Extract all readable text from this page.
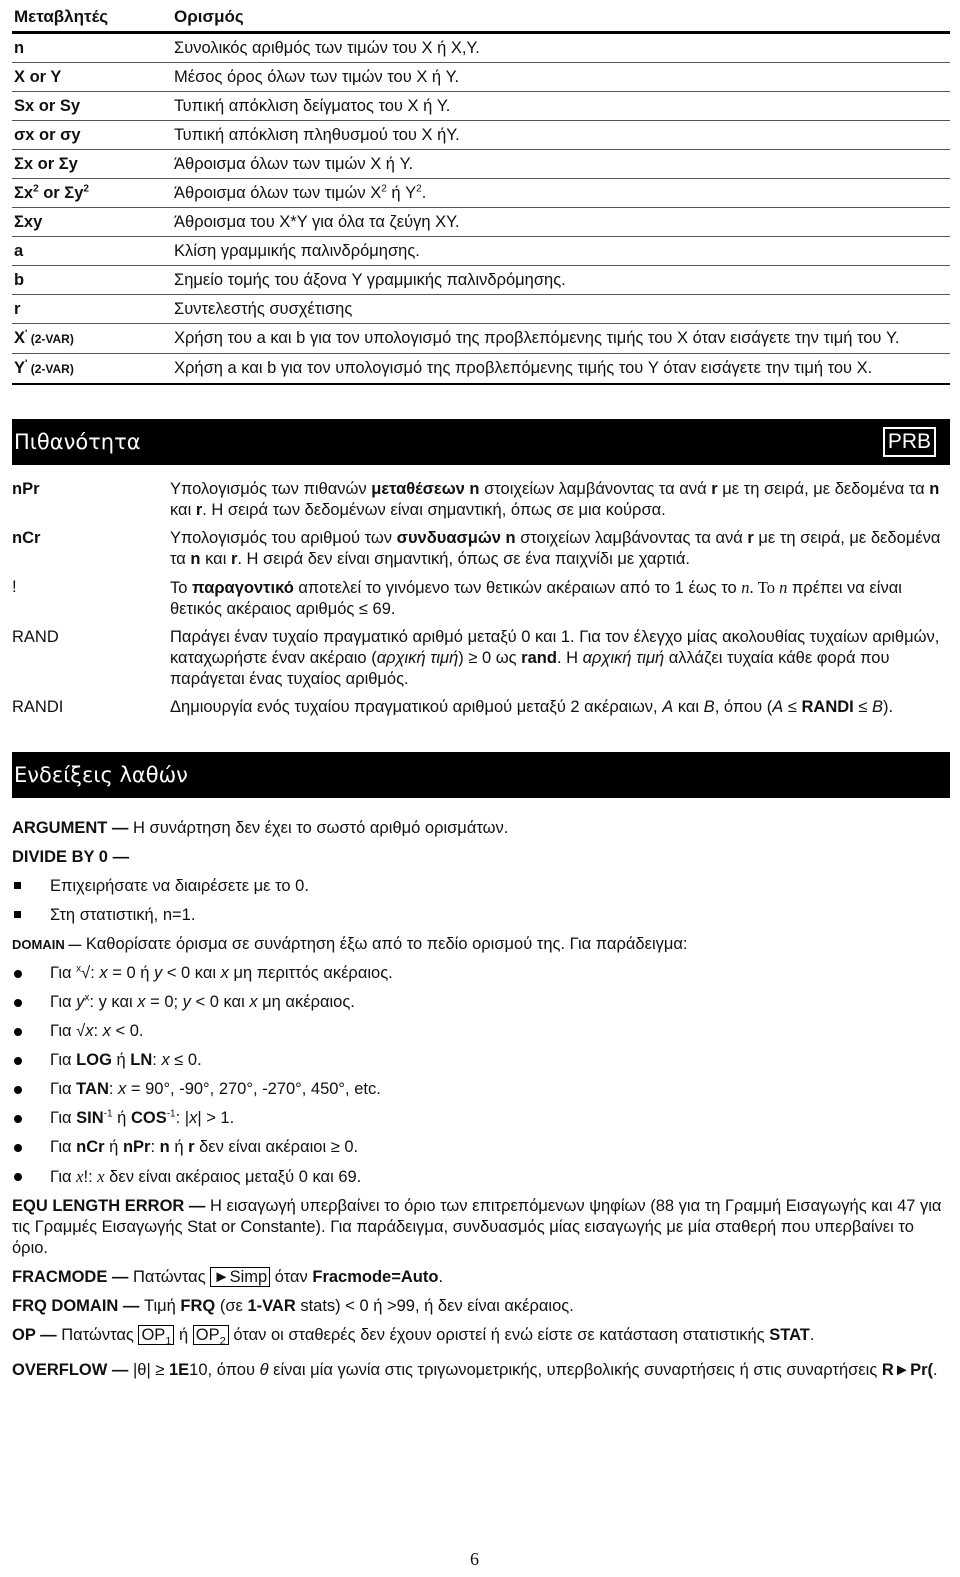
Μεταβλητές	Ορισμός
n	Συνολικός αριθμός των τιμών του X ή X,Y.
X or Y	Μέσος όρος όλων των τιμών του X ή Y.
Sx or Sy	Τυπική απόκλιση δείγματος του X ή Y.
σx or σy	Τυπική απόκλιση πληθυσμού του X ήY.
Σx or Σy	Άθροισμα όλων των τιμών X ή Y.
$\Sigma x^2$ or $\Sigma y^2$	Άθροισμα όλων των τιμών $X^2$ ή $Y^2$.
Σxy	Άθροισμα του X*Y για όλα τα ζεύγη XY.
a	Κλίση γραμμικής παλινδρόμησης.
b	Σημείο τομής του άξονα Y γραμμικής παλινδρόμησης.
r	Συντελεστής συσχέτισης
X' (2-VAR)	Χρήση του a και b για τον υπολογισμό της προβλεπόμενης τιμής του X όταν εισάγετε την τιμή του Y.
Y' (2-VAR)	Χρήση a και b για τον υπολογισμό της προβλεπόμενης τιμής του Y όταν εισάγετε την τιμή του X.
Πιθανότητα	PRB
nPr	Υπολογισμός των πιθανών μεταθέσεων n στοιχείων λαμβάνοντας τα ανά r με τη σειρά, με δεδομένα τα n και r. Η σειρά των δεδομένων είναι σημαντική, όπως σε μια κούρσα.
nCr	Υπολογισμός του αριθμού των συνδυασμών n στοιχείων λαμβάνοντας τα ανά r με τη σειρά, με δεδομένα τα n και r. Η σειρά δεν είναι σημαντική, όπως σε ένα παιχνίδι με χαρτιά.
!	Το παραγοντικό αποτελεί το γινόμενο των θετικών ακέραιων από το 1 έως το n. Το n πρέπει να είναι θετικός ακέραιος αριθμός ≤ 69.
RAND	Παράγει έναν τυχαίο πραγματικό αριθμό μεταξύ 0 και 1. Για τον έλεγχο μίας ακολουθίας τυχαίων αριθμών, καταχωρήστε έναν ακέραιο (αρχική τιμή) ≥ 0 ως rand. Η αρχική τιμή αλλάζει τυχαία κάθε φορά που παράγεται ένας τυχαίος αριθμός.
RANDI	Δημιουργία ενός τυχαίου πραγματικού αριθμού μεταξύ 2 ακέραιων, A και B, όπου (A ≤ RANDI ≤ B).
Ενδείξεις λαθών

ARGUMENT — Η συνάρτηση δεν έχει το σωστό αριθμό ορισμάτων.

DIVIDE BY 0 —

Επιχειρήσατε να διαιρέσετε με το 0.
Στη στατιστική, n=1.

DOMAIN — Καθορίσατε όρισμα σε συνάρτηση έξω από το πεδίο ορισμού της. Για παράδειγμα:

Για $^x$√: x = 0 ή y < 0 και x μη περιττός ακέραιος.
Για $y^x$: y και x = 0; y < 0 και x μη ακέραιος.
Για √x: x < 0.
Για LOG ή LN: x ≤ 0.
Για TAN: x = 90°, -90°, 270°, -270°, 450°, etc.
Για $SIN^{-1}$ ή $COS^{-1}$: |x| > 1.
Για nCr ή nPr: n ή r δεν είναι ακέραιοι ≥ 0.
Για x!: x δεν είναι ακέραιος μεταξύ 0 και 69.

EQU LENGTH ERROR — Η εισαγωγή υπερβαίνει το όριο των επιτρεπόμενων ψηφίων (88 για τη Γραμμή Εισαγωγής και 47 για τις Γραμμές Εισαγωγής Stat or Constante). Για παράδειγμα, συνδυασμός μίας εισαγωγής με μία σταθερή που υπερβαίνει το όριο.

FRACMODE — Πατώντας ►Simp όταν Fracmode=Auto.

FRQ DOMAIN — Τιμή FRQ (σε 1-VAR stats) < 0 ή >99, ή δεν είναι ακέραιος.

OP — Πατώντας $OP_1$ ή $OP_2$ όταν οι σταθερές δεν έχουν οριστεί ή ενώ είστε σε κατάσταση στατιστικής STAT.

OVERFLOW — |θ| ≥ 1E10, όπου θ είναι μία γωνία στις τριγωνομετρικής, υπερβολικής συναρτήσεις ή στις συναρτήσεις R►Pr(.

6
